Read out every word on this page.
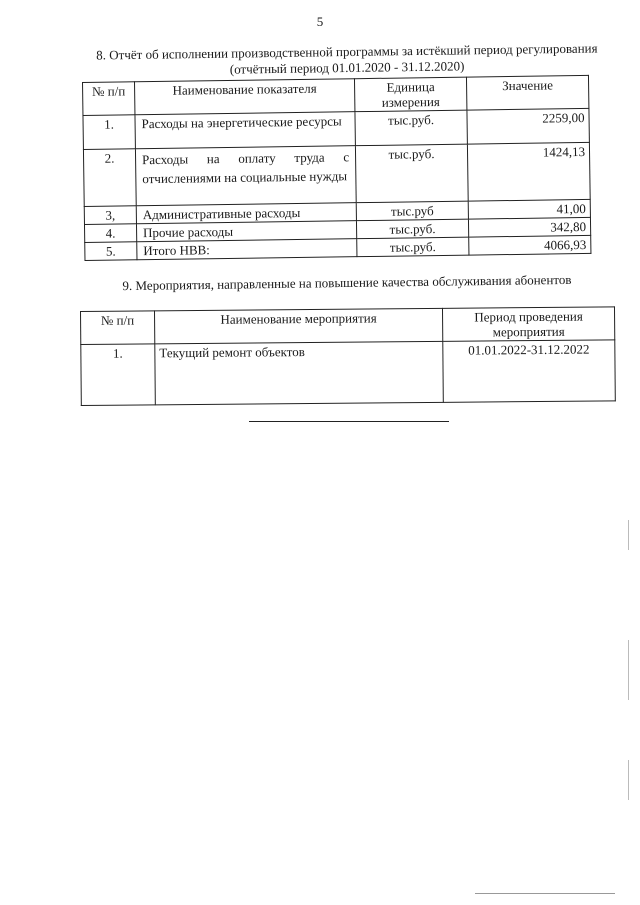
5
8. Отчёт об исполнении производственной программы за истёкший период регулирования (отчётный период 01.01.2020 - 31.12.2020)
№ п/п	Наименование показателя	Единица измерения	Значение
1.	Расходы на энергетические ресурсы	тыс.руб.	2259,00
2.	Расходы на оплату труда с отчислениями на социальные нужды	тыс.руб.	1424,13
3,	Административные расходы	тыс.руб	41,00
4.	Прочие расходы	тыс.руб.	342,80
5.	Итого НВВ:	тыс.руб.	4066,93
9. Мероприятия, направленные на повышение качества обслуживания абонентов
№ п/п	Наименование мероприятия	Период проведения мероприятия
1.	Текущий ремонт объектов	01.01.2022-31.12.2022
